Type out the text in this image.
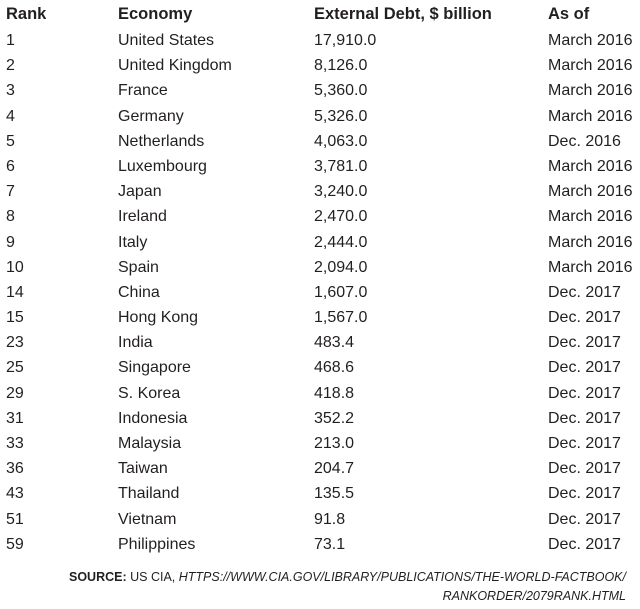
Rank	Economy	External Debt, $ billion	As of
1	United States	17,910.0	March 2016
2	United Kingdom	8,126.0	March 2016
3	France	5,360.0	March 2016
4	Germany	5,326.0	March 2016
5	Netherlands	4,063.0	Dec. 2016
6	Luxembourg	3,781.0	March 2016
7	Japan	3,240.0	March 2016
8	Ireland	2,470.0	March 2016
9	Italy	2,444.0	March 2016
10	Spain	2,094.0	March 2016
14	China	1,607.0	Dec. 2017
15	Hong Kong	1,567.0	Dec. 2017
23	India	483.4	Dec. 2017
25	Singapore	468.6	Dec. 2017
29	S. Korea	418.8	Dec. 2017
31	Indonesia	352.2	Dec. 2017
33	Malaysia	213.0	Dec. 2017
36	Taiwan	204.7	Dec. 2017
43	Thailand	135.5	Dec. 2017
51	Vietnam	91.8	Dec. 2017
59	Philippines	73.1	Dec. 2017
SOURCE: US CIA, HTTPS://WWW.CIA.GOV/LIBRARY/PUBLICATIONS/THE-WORLD-FACTBOOK/
RANKORDER/2079RANK.HTML
